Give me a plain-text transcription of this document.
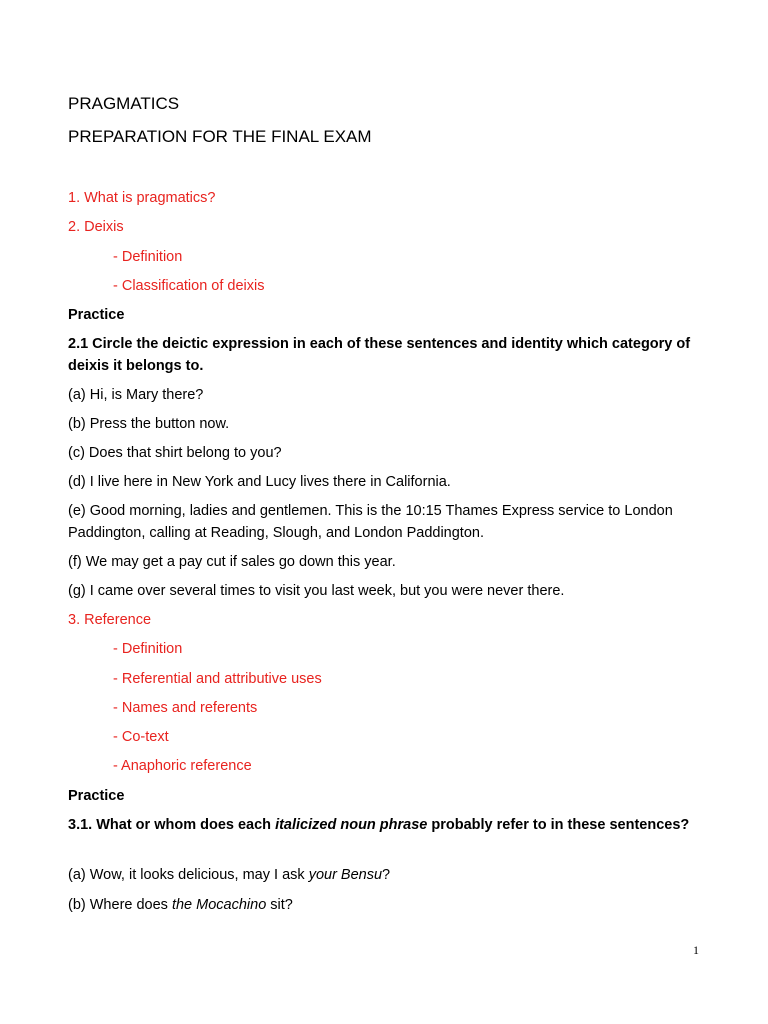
PRAGMATICS
PREPARATION FOR THE FINAL EXAM
1. What is pragmatics?
2. Deixis
- Definition
- Classification of deixis
Practice
2.1 Circle the deictic expression in each of these sentences and identity which category of deixis it belongs to.
(a) Hi, is Mary there?
(b) Press the button now.
(c) Does that shirt belong to you?
(d) I live here in New York and Lucy lives there in California.
(e) Good morning, ladies and gentlemen. This is the 10:15 Thames Express service to London Paddington, calling at Reading, Slough, and London Paddington.
(f) We may get a pay cut if sales go down this year.
(g) I came over several times to visit you last week, but you were never there.
3. Reference
- Definition
- Referential and attributive uses
- Names and referents
- Co-text
- Anaphoric reference
Practice
3.1. What or whom does each italicized noun phrase probably refer to in these sentences?
(a) Wow, it looks delicious, may I ask your Bensu?
(b) Where does the Mocachino sit?
1
